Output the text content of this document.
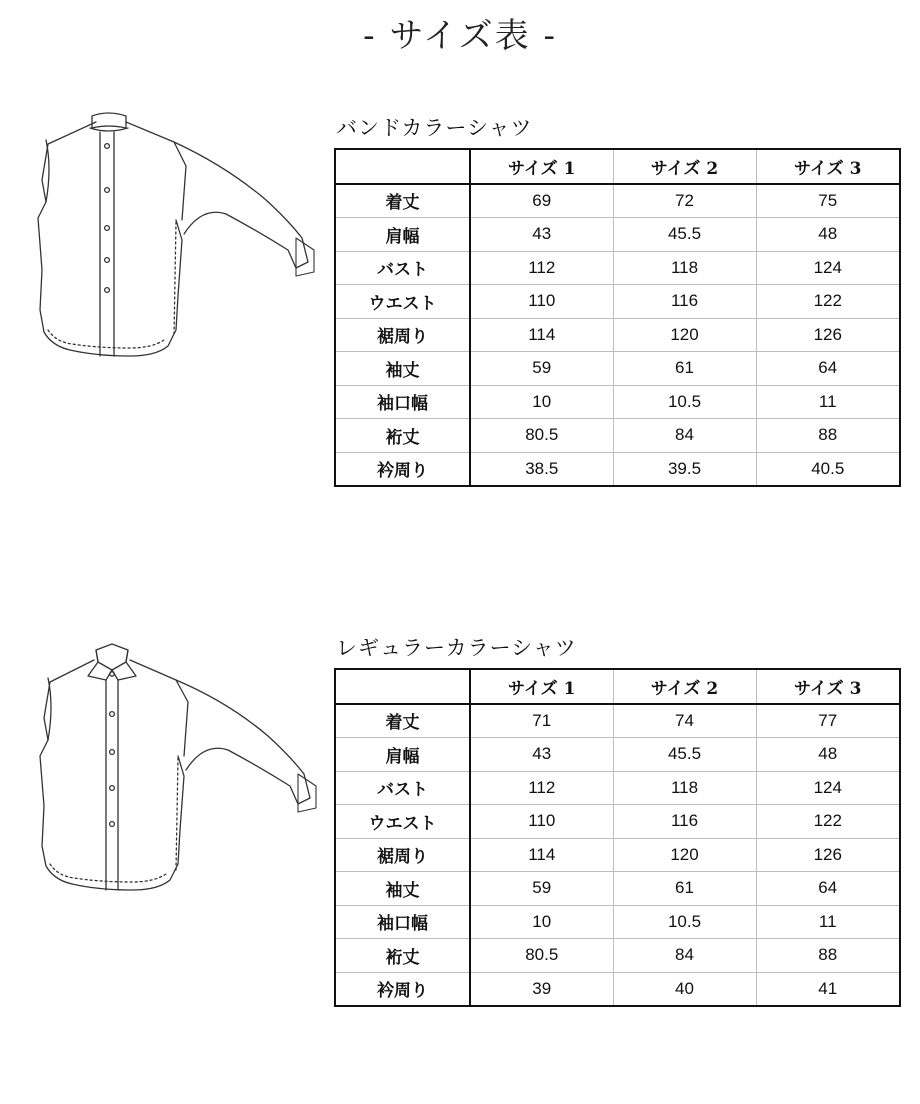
- サイズ表 -
バンドカラーシャツ
	サイズ 1	サイズ 2	サイズ 3
着丈	69	72	75
肩幅	43	45.5	48
バスト	112	118	124
ウエスト	110	116	122
裾周り	114	120	126
袖丈	59	61	64
袖口幅	10	10.5	11
裄丈	80.5	84	88
衿周り	38.5	39.5	40.5
レギュラーカラーシャツ
	サイズ 1	サイズ 2	サイズ 3
着丈	71	74	77
肩幅	43	45.5	48
バスト	112	118	124
ウエスト	110	116	122
裾周り	114	120	126
袖丈	59	61	64
袖口幅	10	10.5	11
裄丈	80.5	84	88
衿周り	39	40	41
